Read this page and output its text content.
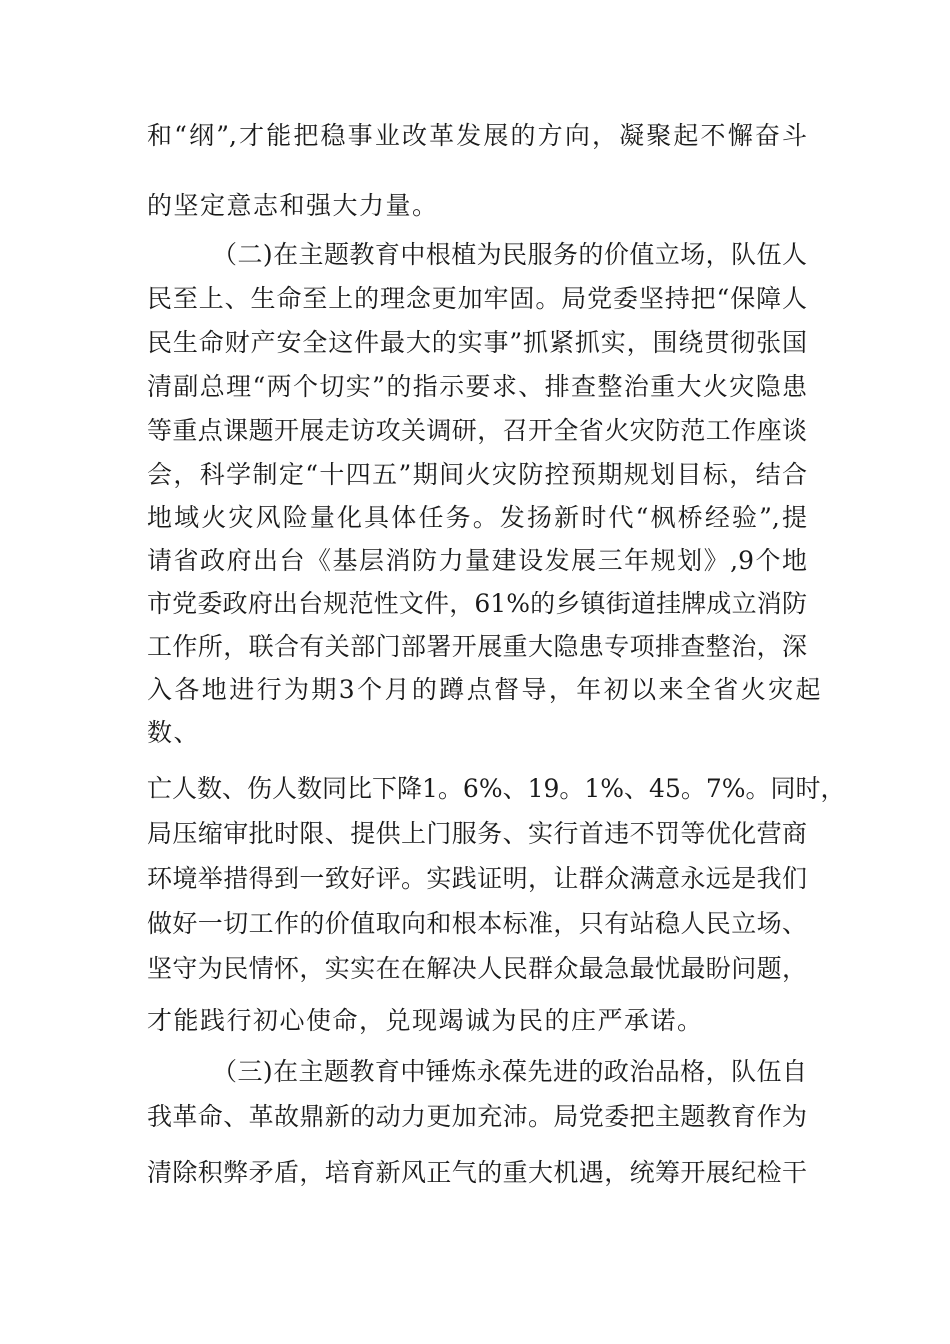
和“纲”,才能把稳事业改革发展的方向，凝聚起不懈奋斗
的坚定意志和强大力量。
（二)在主题教育中根植为民服务的价值立场，队伍人
民至上、生命至上的理念更加牢固。局党委坚持把“保障人
民生命财产安全这件最大的实事”抓紧抓实，围绕贯彻张国
清副总理“两个切实”的指示要求、排查整治重大火灾隐患
等重点课题开展走访攻关调研，召开全省火灾防范工作座谈
会，科学制定“十四五”期间火灾防控预期规划目标，结合
地域火灾风险量化具体任务。发扬新时代“枫桥经验”,提
请省政府出台《基层消防力量建设发展三年规划》,9个地
市党委政府出台规范性文件，61%的乡镇街道挂牌成立消防
工作所，联合有关部门部署开展重大隐患专项排查整治，深
入各地进行为期3个月的蹲点督导，年初以来全省火灾起
数、
亡人数、伤人数同比下降1。6%、19。1%、45。7%。同时，
局压缩审批时限、提供上门服务、实行首违不罚等优化营商
环境举措得到一致好评。实践证明，让群众满意永远是我们
做好一切工作的价值取向和根本标准，只有站稳人民立场、
坚守为民情怀，实实在在解决人民群众最急最忧最盼问题，
才能践行初心使命，兑现竭诚为民的庄严承诺。
（三)在主题教育中锤炼永葆先进的政治品格，队伍自
我革命、革故鼎新的动力更加充沛。局党委把主题教育作为
清除积弊矛盾，培育新风正气的重大机遇，统筹开展纪检干
